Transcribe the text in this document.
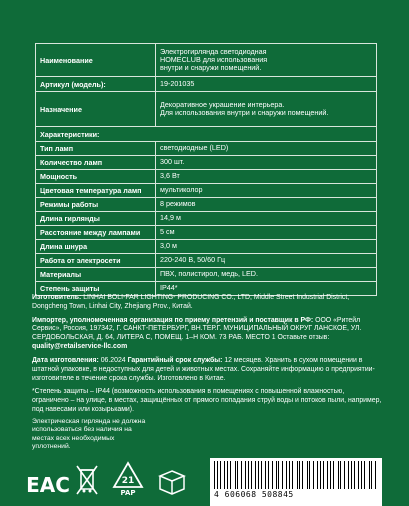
Наименование
Электрогирлянда светодиодная
HOMECLUB для использования
внутри и снаружи помещений.
Артикул (модель):	19-201035
Назначение
Декоративное украшение интерьера.
Для использования внутри и снаружи помещений.
Характеристики:
Тип ламп	светодиодные (LED)
Количество ламп	300 шт.
Мощность	3,6 Вт
Цветовая температура ламп	мультиколор
Режимы работы	8 режимов
Длина гирлянды	14,9 м
Расстояние между лампами	5 см
Длина шнура	3,0 м
Работа от электросети	220-240 В, 50/60 Гц
Материалы	ПВХ, полистирол, медь, LED.
Степень защиты	IP44*

Изготовитель: LINHAI BOLI-FAR LIGHTING- PRODUCING CO., LTD, Middle Street Industrial District, Dongcheng Town, Linhai City, Zhejiang Prov., Китай.

Импортер, уполномоченная организация по приему претензий и поставщик в РФ: ООО «Ритейл Сервис», Россия, 197342, Г. САНКТ-ПЕТЕРБУРГ, ВН.ТЕР.Г. МУНИЦИПАЛЬНЫЙ ОКРУГ ЛАНСКОЕ, УЛ. СЕРДОБОЛЬСКАЯ, Д. 64, ЛИТЕРА С, ПОМЕЩ. 1–Н КОМ. 73 РАБ. МЕСТО 1 Оставьте отзыв: quality@retailservice-llc.com

Дата изготовления: 06.2024 Гарантийный срок службы: 12 месяцев. Хранить в сухом помещении в штатной упаковке, в недоступных для детей и животных местах. Сохраняйте информацию о предприятии-изготовителе в течение срока службы. Изготовлено в Китае.

*Степень защиты – IP44 (возможность использования в помещениях с повышенной влажностью, ограничено – на улице, в местах, защищённых от прямого попадания струй воды и потоков пыли, например, под навесами или козырьками).

Электрическая гирлянда не должна использоваться без наличия на местах всех необходимых уплотнений.
EAC	21
PAP	4 606068 508845
